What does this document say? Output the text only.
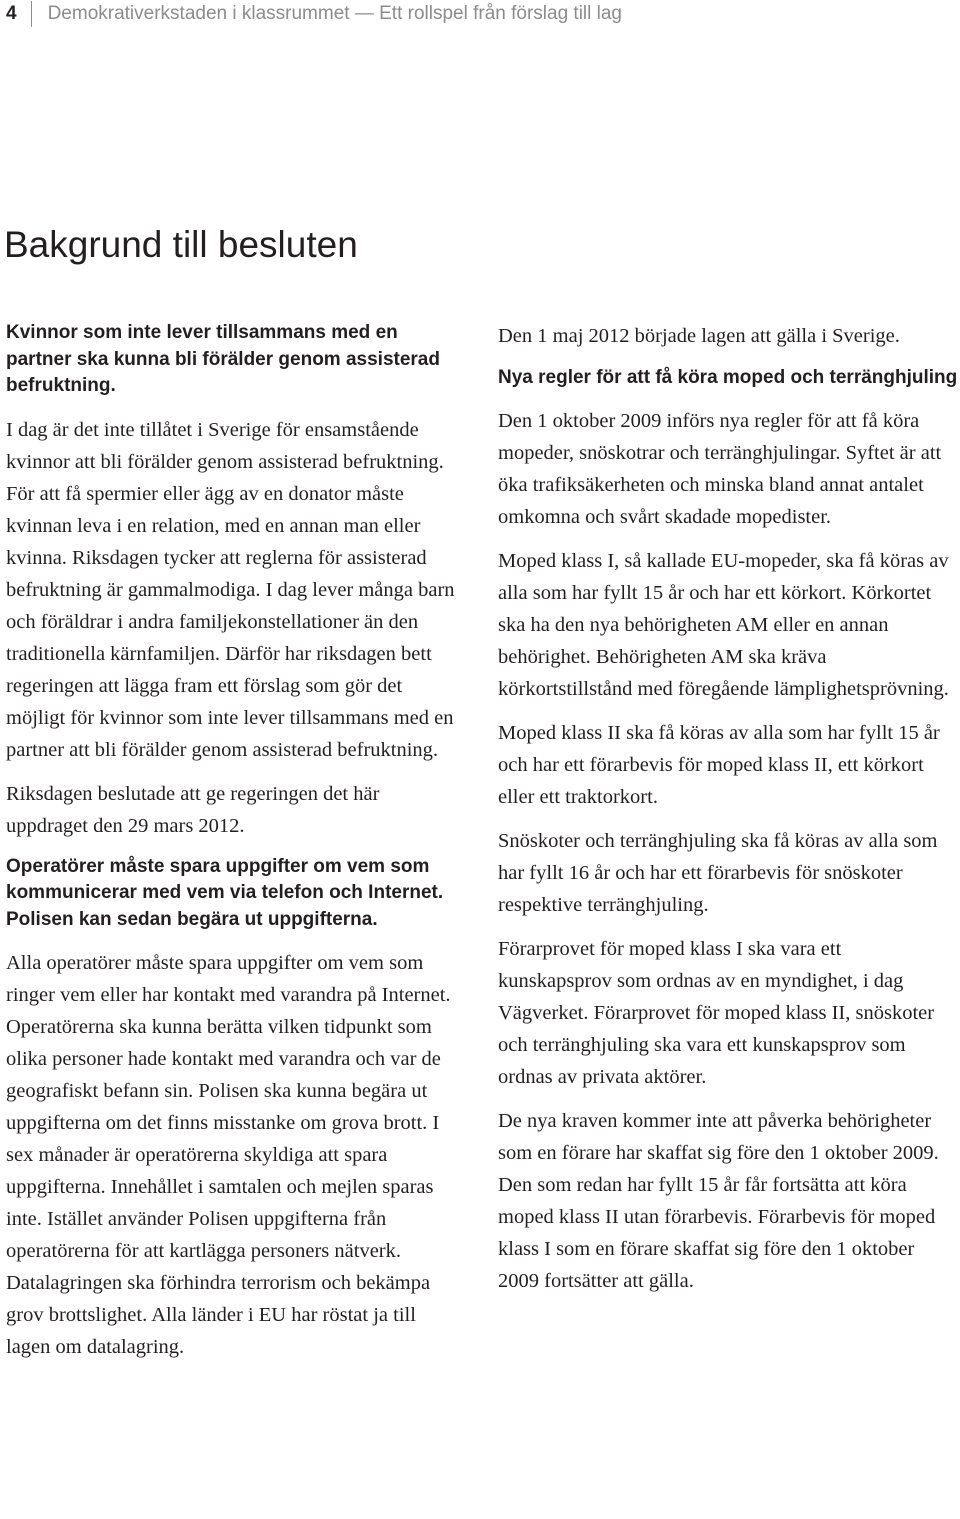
4 Demokrativerkstaden i klassrummet — Ett rollspel från förslag till lag
Bakgrund till besluten

Kvinnor som inte lever tillsammans med en partner ska kunna bli förälder genom assisterad befruktning.

I dag är det inte tillåtet i Sverige för ensamstående kvinnor att bli förälder genom assisterad befruktning. För att få spermier eller ägg av en donator måste kvinnan leva i en relation, med en annan man eller kvinna. Riksdagen tycker att reglerna för assisterad befruktning är gammalmodiga. I dag lever många barn och föräldrar i andra familjekonstellationer än den traditionella kärnfamiljen. Därför har riksdagen bett regeringen att lägga fram ett förslag som gör det möjligt för kvinnor som inte lever tillsammans med en partner att bli förälder genom assisterad befruktning.

Riksdagen beslutade att ge regeringen det här uppdraget den 29 mars 2012.

Operatörer måste spara uppgifter om vem som kommunicerar med vem via telefon och Internet. Polisen kan sedan begära ut uppgifterna.

Alla operatörer måste spara uppgifter om vem som ringer vem eller har kontakt med varandra på Internet. Operatörerna ska kunna berätta vilken tidpunkt som olika personer hade kontakt med varandra och var de geografiskt befann sin. Polisen ska kunna begära ut uppgifterna om det finns misstanke om grova brott. I sex månader är operatörerna skyldiga att spara uppgifterna. Innehållet i samtalen och mejlen sparas inte. Istället använder Polisen uppgifterna från operatörerna för att kartlägga personers nätverk. Datalagringen ska förhindra terrorism och bekämpa grov brottslighet. Alla länder i EU har röstat ja till lagen om datalagring.

Den 1 maj 2012 började lagen att gälla i Sverige.

Nya regler för att få köra moped och terränghjuling

Den 1 oktober 2009 införs nya regler för att få köra mopeder, snöskotrar och terränghjulingar. Syftet är att öka trafiksäkerheten och minska bland annat antalet omkomna och svårt skadade mopedister.

Moped klass I, så kallade EU-mopeder, ska få köras av alla som har fyllt 15 år och har ett körkort. Körkortet ska ha den nya behörigheten AM eller en annan behörighet. Behörigheten AM ska kräva körkortstillstånd med föregående lämplighetsprövning.

Moped klass II ska få köras av alla som har fyllt 15 år och har ett förarbevis för moped klass II, ett körkort eller ett traktorkort.

Snöskoter och terränghjuling ska få köras av alla som har fyllt 16 år och har ett förarbevis för snöskoter respektive terränghjuling.

Förarprovet för moped klass I ska vara ett kunskapsprov som ordnas av en myndighet, i dag Vägverket. Förarprovet för moped klass II, snöskoter och terränghjuling ska vara ett kunskapsprov som ordnas av privata aktörer.

De nya kraven kommer inte att påverka behörigheter som en förare har skaffat sig före den 1 oktober 2009. Den som redan har fyllt 15 år får fortsätta att köra moped klass II utan förarbevis. Förarbevis för moped klass I som en förare skaffat sig före den 1 oktober 2009 fortsätter att gälla.
